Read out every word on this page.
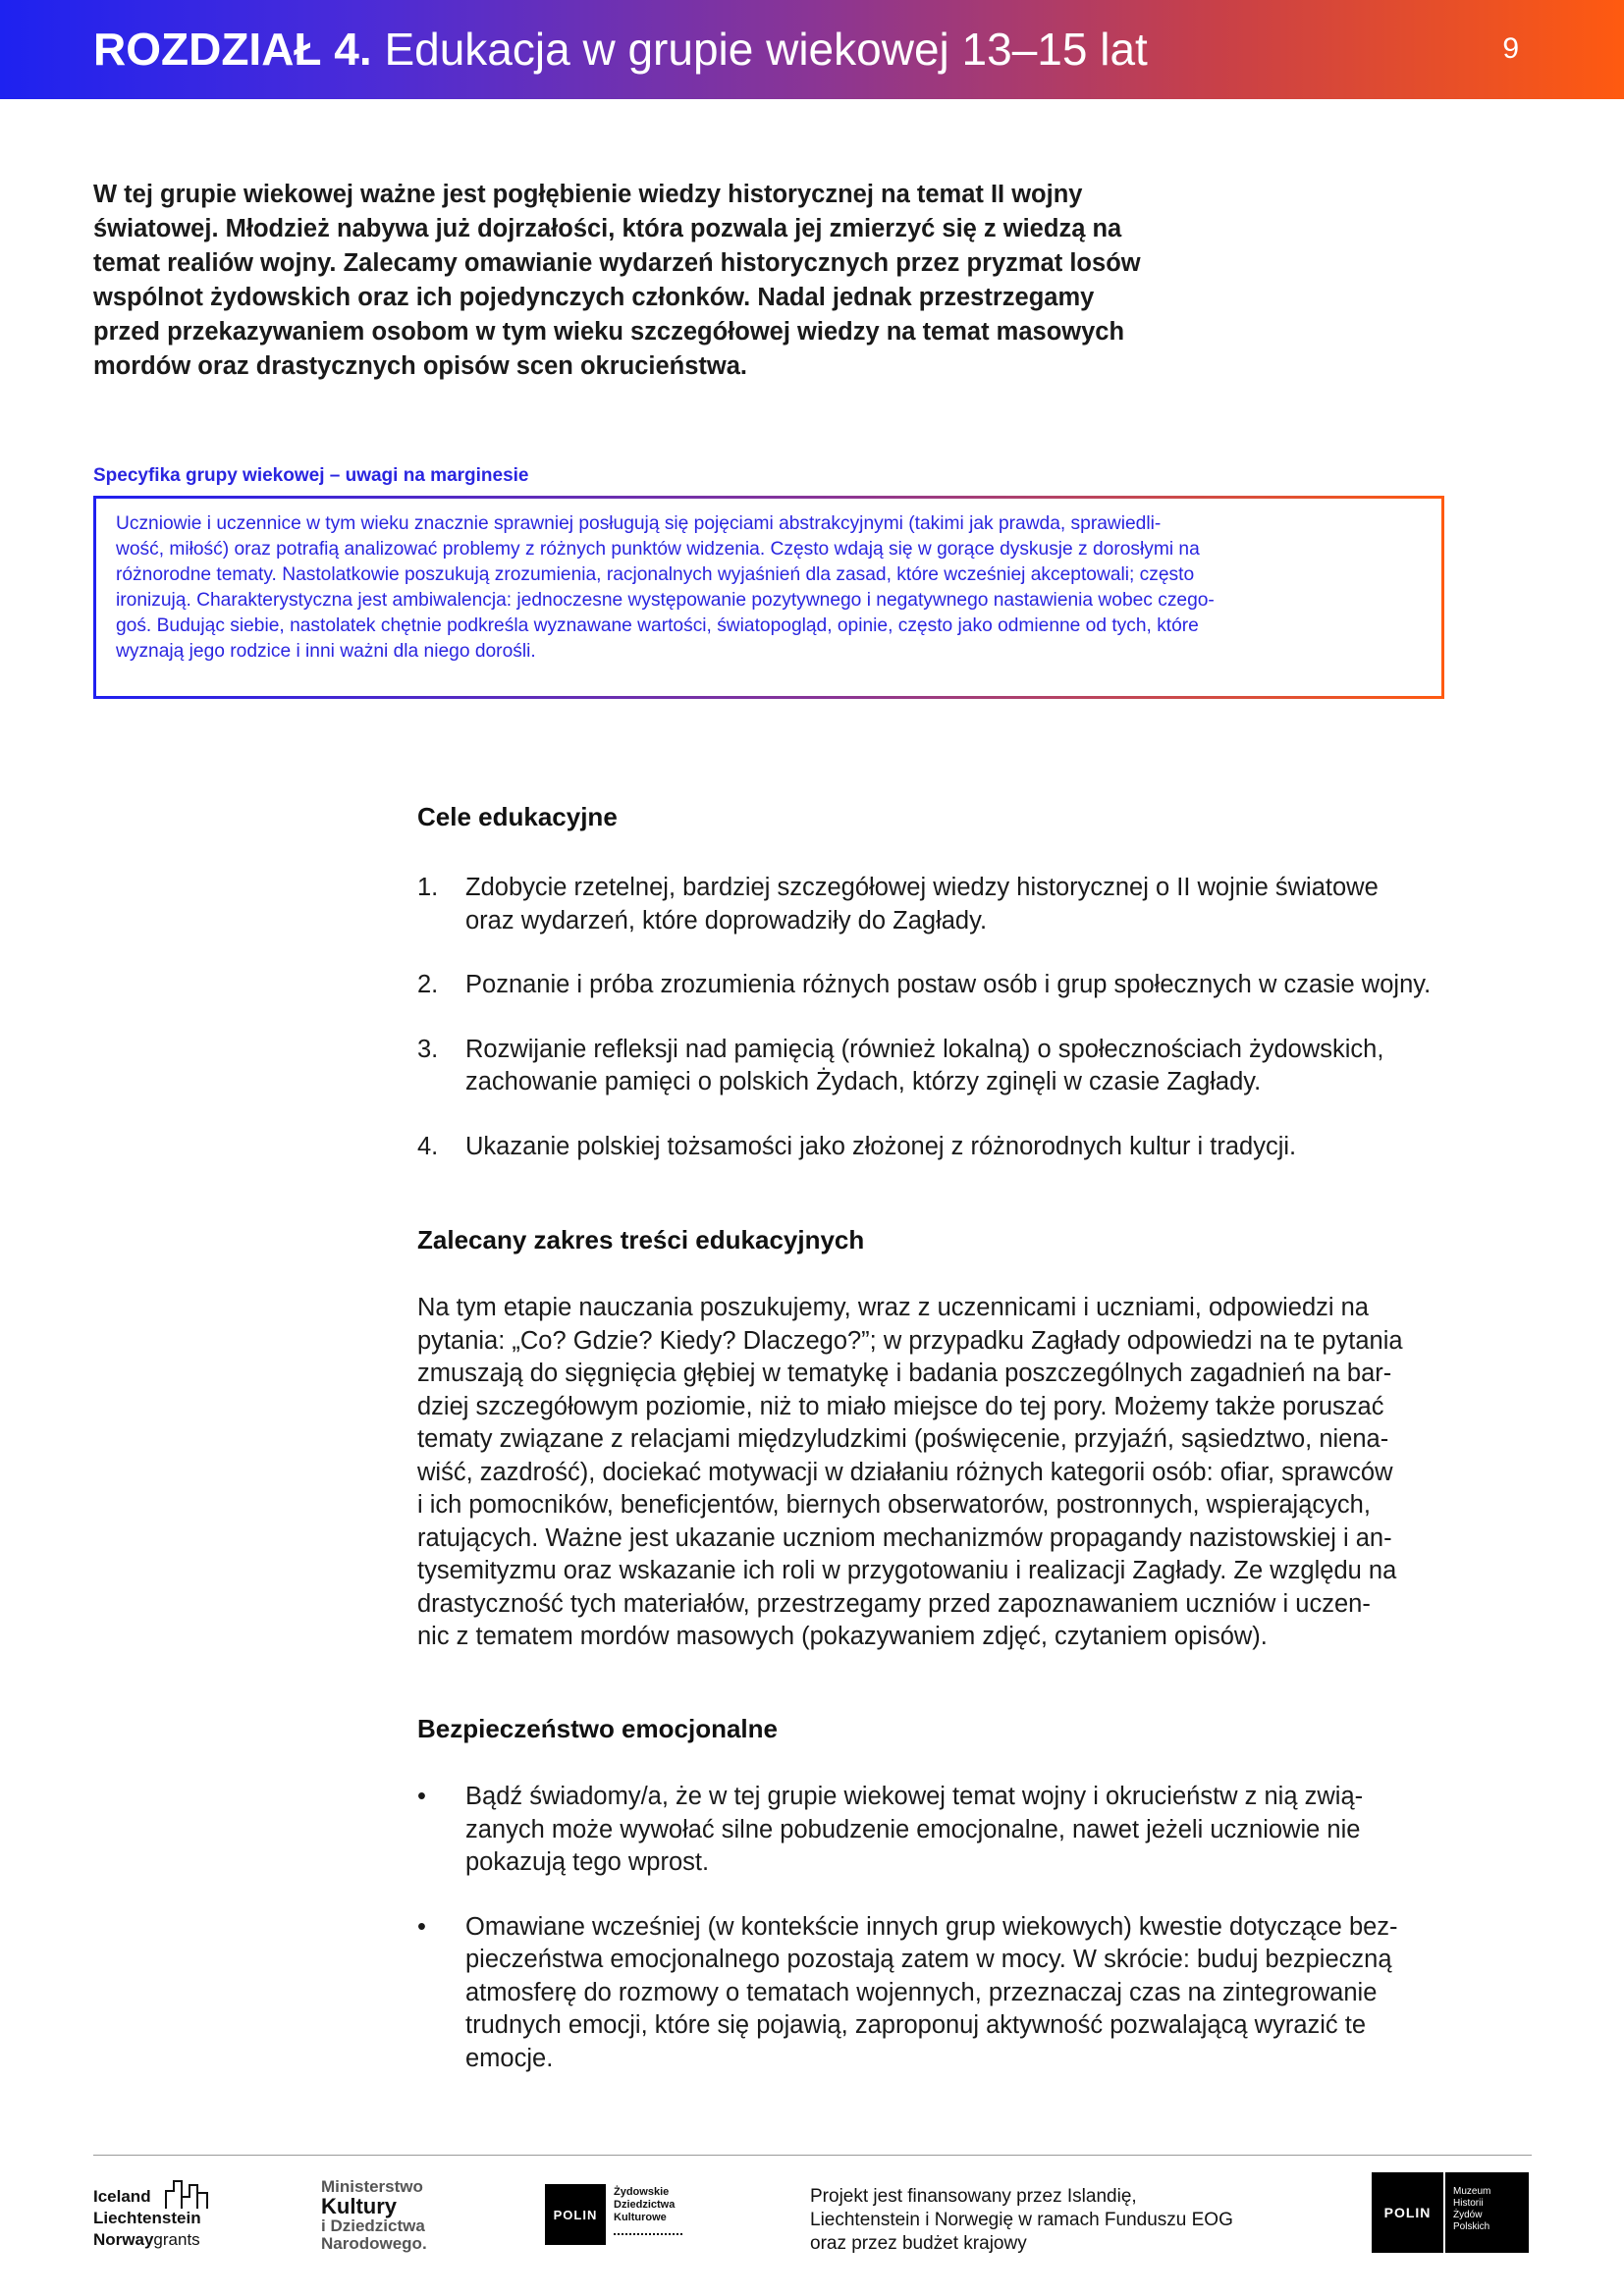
ROZDZIAŁ 4. Edukacja w grupie wiekowej 13–15 lat	9
W tej grupie wiekowej ważne jest pogłębienie wiedzy historycznej na temat II wojny
światowej. Młodzież nabywa już dojrzałości, która pozwala jej zmierzyć się z wiedzą na
temat realiów wojny. Zalecamy omawianie wydarzeń historycznych przez pryzmat losów
wspólnot żydowskich oraz ich pojedynczych członków. Nadal jednak przestrzegamy
przed przekazywaniem osobom w tym wieku szczegółowej wiedzy na temat masowych
mordów oraz drastycznych opisów scen okrucieństwa.
Specyfika grupy wiekowej – uwagi na marginesie
Uczniowie i uczennice w tym wieku znacznie sprawniej posługują się pojęciami abstrakcyjnymi (takimi jak prawda, sprawiedli-
wość, miłość) oraz potrafią analizować problemy z różnych punktów widzenia. Często wdają się w gorące dyskusje z dorosłymi na
różnorodne tematy. Nastolatkowie poszukują zrozumienia, racjonalnych wyjaśnień dla zasad, które wcześniej akceptowali; często
ironizują. Charakterystyczna jest ambiwalencja: jednoczesne występowanie pozytywnego i negatywnego nastawienia wobec czego-
goś. Budując siebie, nastolatek chętnie podkreśla wyznawane wartości, światopogląd, opinie, często jako odmienne od tych, które
wyznają jego rodzice i inni ważni dla niego dorośli.
Cele edukacyjne
1. Zdobycie rzetelnej, bardziej szczegółowej wiedzy historycznej o II wojnie światowe
oraz wydarzeń, które doprowadziły do Zagłady.
2. Poznanie i próba zrozumienia różnych postaw osób i grup społecznych w czasie wojny.
3. Rozwijanie refleksji nad pamięcią (również lokalną) o społecznościach żydowskich,
zachowanie pamięci o polskich Żydach, którzy zginęli w czasie Zagłady.
4. Ukazanie polskiej tożsamości jako złożonej z różnorodnych kultur i tradycji.
Zalecany zakres treści edukacyjnych
Na tym etapie nauczania poszukujemy, wraz z uczennicami i uczniami, odpowiedzi na
pytania: „Co? Gdzie? Kiedy? Dlaczego?”; w przypadku Zagłady odpowiedzi na te pytania
zmuszają do sięgnięcia głębiej w tematykę i badania poszczególnych zagadnień na bar-
dziej szczegółowym poziomie, niż to miało miejsce do tej pory. Możemy także poruszać
tematy związane z relacjami międzyludzkimi (poświęcenie, przyjaźń, sąsiedztwo, niena-
wiść, zazdrość), dociekać motywacji w działaniu różnych kategorii osób: ofiar, sprawców
i ich pomocników, beneficjentów, biernych obserwatorów, postronnych, wspierających,
ratujących. Ważne jest ukazanie uczniom mechanizmów propagandy nazistowskiej i an-
tysemityzmu oraz wskazanie ich roli w przygotowaniu i realizacji Zagłady. Ze względu na
drastyczność tych materiałów, przestrzegamy przed zapoznawaniem uczniów i uczen-
nic z tematem mordów masowych (pokazywaniem zdjęć, czytaniem opisów).
Bezpieczeństwo emocjonalne
• Bądź świadomy/a, że w tej grupie wiekowej temat wojny i okrucieństw z nią zwią-
zanych może wywołać silne pobudzenie emocjonalne, nawet jeżeli uczniowie nie
pokazują tego wprost.
• Omawiane wcześniej (w kontekście innych grup wiekowych) kwestie dotyczące bez-
pieczeństwa emocjonalnego pozostają zatem w mocy. W skrócie: buduj bezpieczną
atmosferę do rozmowy o tematach wojennych, przeznaczaj czas na zintegrowanie
trudnych emocji, które się pojawią, zaproponuj aktywność pozwalającą wyrazić te
emocje.
Iceland
Liechtenstein
Norwaygrants
Ministerstwo
Kultury
i Dziedzictwa
Narodowego.
POLIN
Żydowskie
Dziedzictwa
Kulturowe
Projekt jest finansowany przez Islandię,
Liechtenstein i Norwegię w ramach Funduszu EOG
oraz przez budżet krajowy
POLIN
Muzeum
Historii
Żydów
Polskich
